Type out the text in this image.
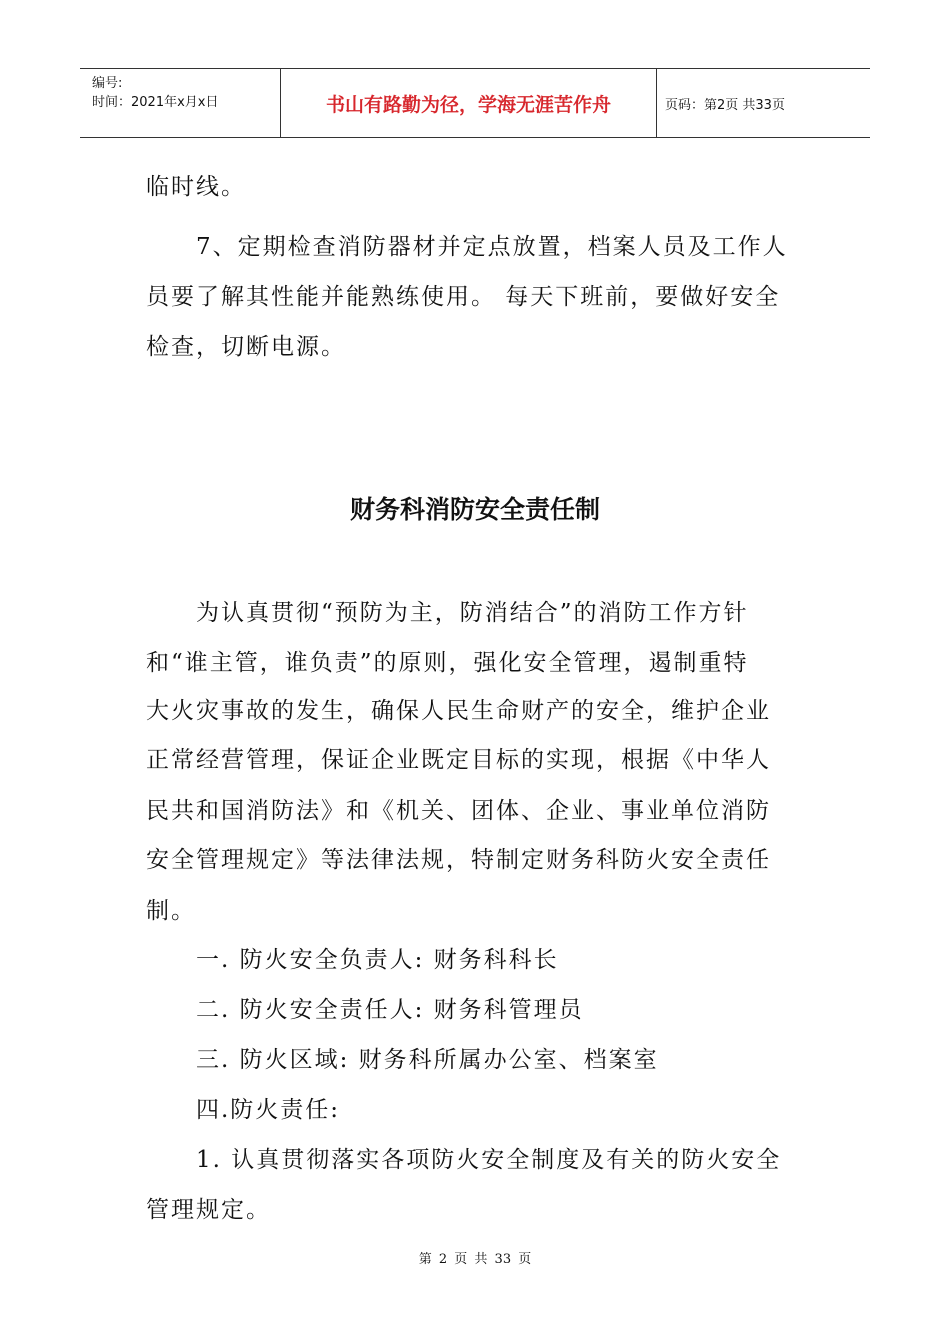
编号:
时间：2021年x月x日	书山有路勤为径，学海无涯苦作舟	页码：第2页 共33页
临时线。
7、定期检查消防器材并定点放置，档案人员及工作人
员要了解其性能并能熟练使用。 每天下班前，要做好安全
检查，切断电源。
财务科消防安全责任制
为认真贯彻“预防为主，防消结合”的消防工作方针
和“谁主管，谁负责”的原则，强化安全管理，遏制重特
大火灾事故的发生，确保人民生命财产的安全，维护企业
正常经营管理，保证企业既定目标的实现，根据《中华人
民共和国消防法》和《机关、团体、企业、事业单位消防
安全管理规定》等法律法规，特制定财务科防火安全责任
制。
一. 防火安全负责人: 财务科科长
二. 防火安全责任人: 财务科管理员
三. 防火区域: 财务科所属办公室、档案室
四.防火责任:
1. 认真贯彻落实各项防火安全制度及有关的防火安全
管理规定。
第 2 页 共 33 页
